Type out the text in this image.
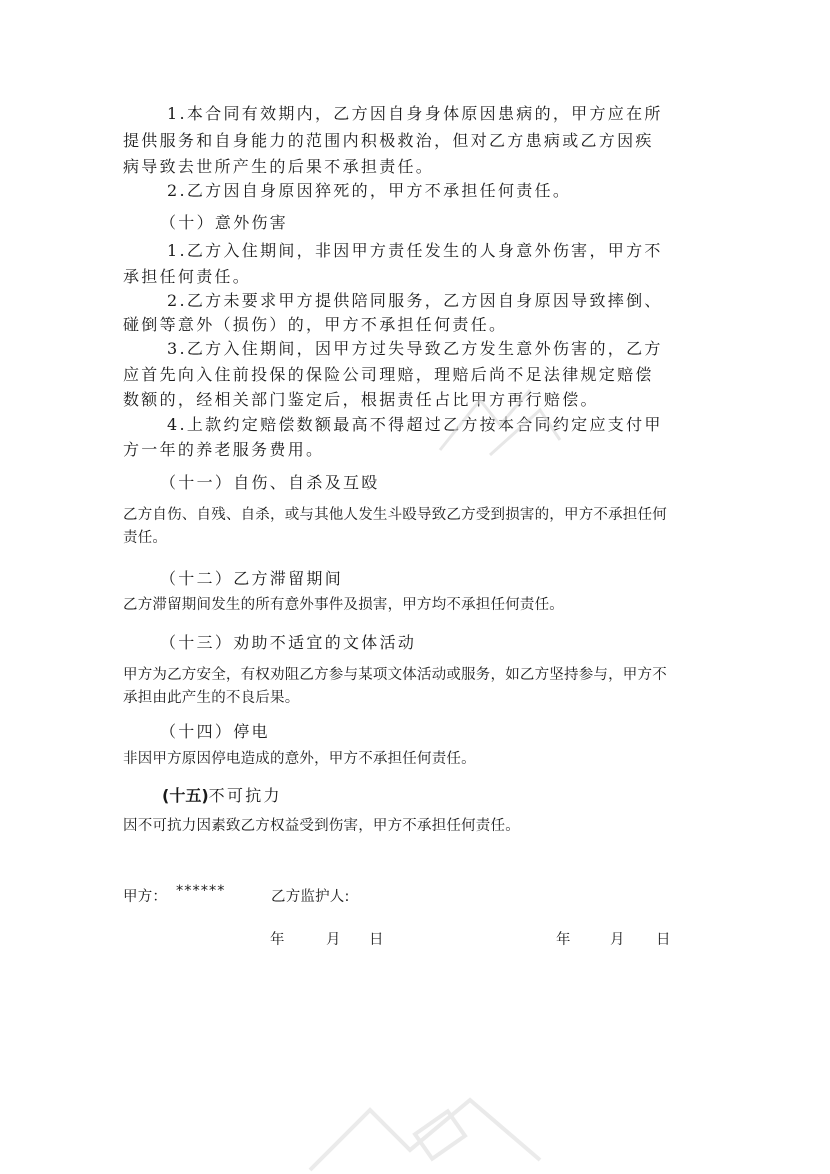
1.本合同有效期内，乙方因自身身体原因患病的，甲方应在所

提供服务和自身能力的范围内积极救治，但对乙方患病或乙方因疾

病导致去世所产生的后果不承担责任。

2.乙方因自身原因猝死的，甲方不承担任何责任。

（十）意外伤害

1.乙方入住期间，非因甲方责任发生的人身意外伤害，甲方不

承担任何责任。

2.乙方未要求甲方提供陪同服务，乙方因自身原因导致摔倒、

碰倒等意外（损伤）的，甲方不承担任何责任。

3.乙方入住期间，因甲方过失导致乙方发生意外伤害的，乙方

应首先向入住前投保的保险公司理赔，理赔后尚不足法律规定赔偿

数额的，经相关部门鉴定后，根据责任占比甲方再行赔偿。

4.上款约定赔偿数额最高不得超过乙方按本合同约定应支付甲

方一年的养老服务费用。

（十一）自伤、自杀及互殴

乙方自伤、自残、自杀，或与其他人发生斗殴导致乙方受到损害的，甲方不承担任何

责任。

（十二）乙方滞留期间

乙方滞留期间发生的所有意外事件及损害，甲方均不承担任何责任。

（十三）劝助不适宜的文体活动

甲方为乙方安全，有权劝阻乙方参与某项文体活动或服务，如乙方坚持参与，甲方不

承担由此产生的不良后果。

（十四）停电

非因甲方原因停电造成的意外，甲方不承担任何责任。

(十五)不可抗力

因不可抗力因素致乙方权益受到伤害，甲方不承担任何责任。

甲方： ******	乙方监护人:

年	月 日	年	月 日
